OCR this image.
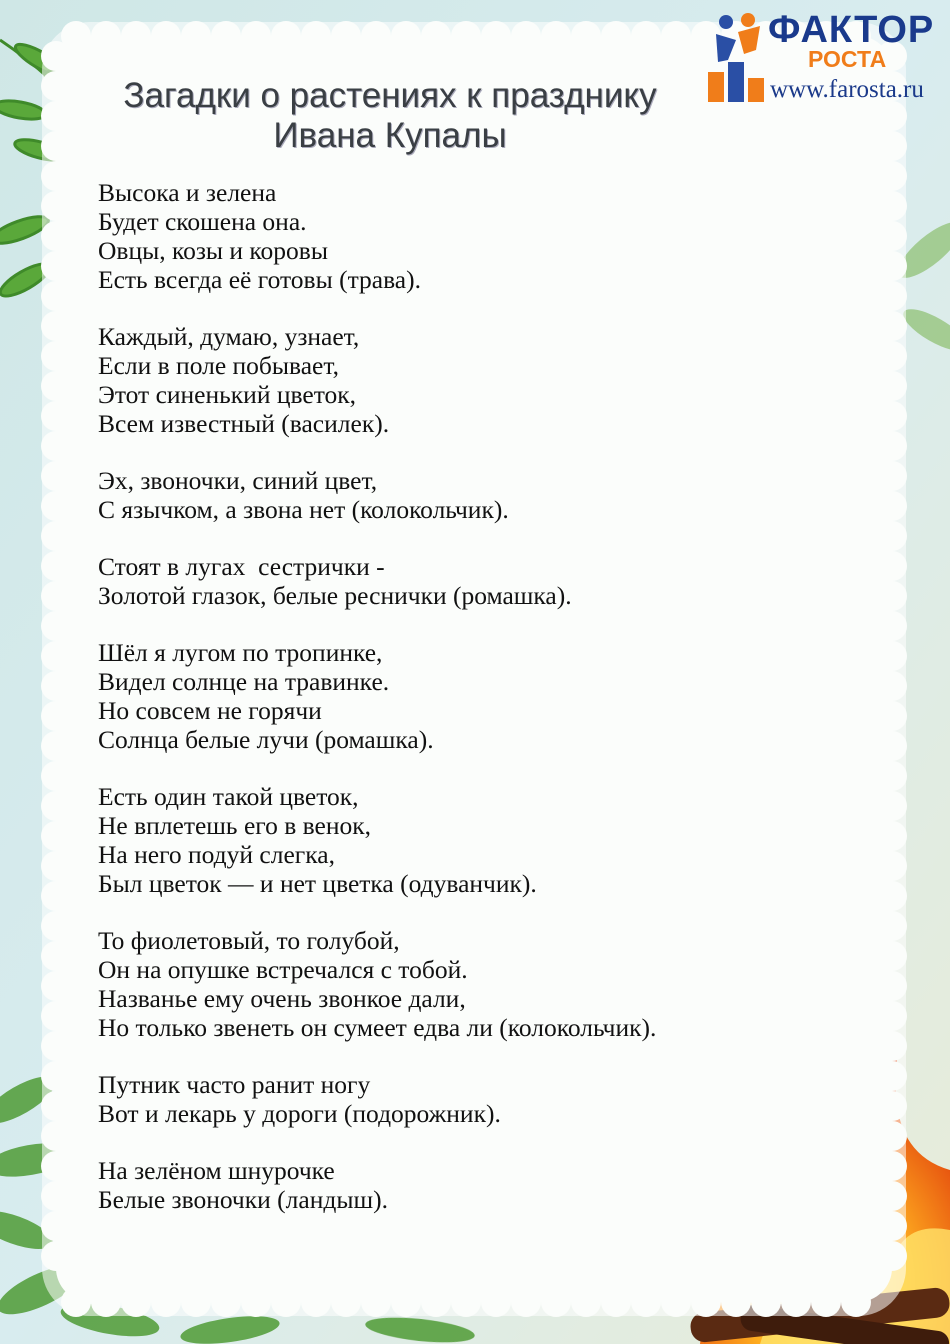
ФАКТОР
РОСТА
www.farosta.ru
Загадки о растениях к празднику
Ивана Купалы
Высока и зелена
Будет скошена она.
Овцы, козы и коровы
Есть всегда её готовы (трава).
Каждый, думаю, узнает,
Если в поле побывает,
Этот синенький цветок,
Всем известный (василек).
Эх, звоночки, синий цвет,
С язычком, а звона нет (колокольчик).
Стоят в лугах  сестрички -
Золотой глазок, белые реснички (ромашка).
Шёл я лугом по тропинке,
Видел солнце на травинке.
Но совсем не горячи
Солнца белые лучи (ромашка).
Есть один такой цветок,
Не вплетешь его в венок,
На него подуй слегка,
Был цветок — и нет цветка (одуванчик).
То фиолетовый, то голубой,
Он на опушке встречался с тобой.
Названье ему очень звонкое дали,
Но только звенеть он сумеет едва ли (колокольчик).
Путник часто ранит ногу
Вот и лекарь у дороги (подорожник).
На зелёном шнурочке
Белые звоночки (ландыш).
